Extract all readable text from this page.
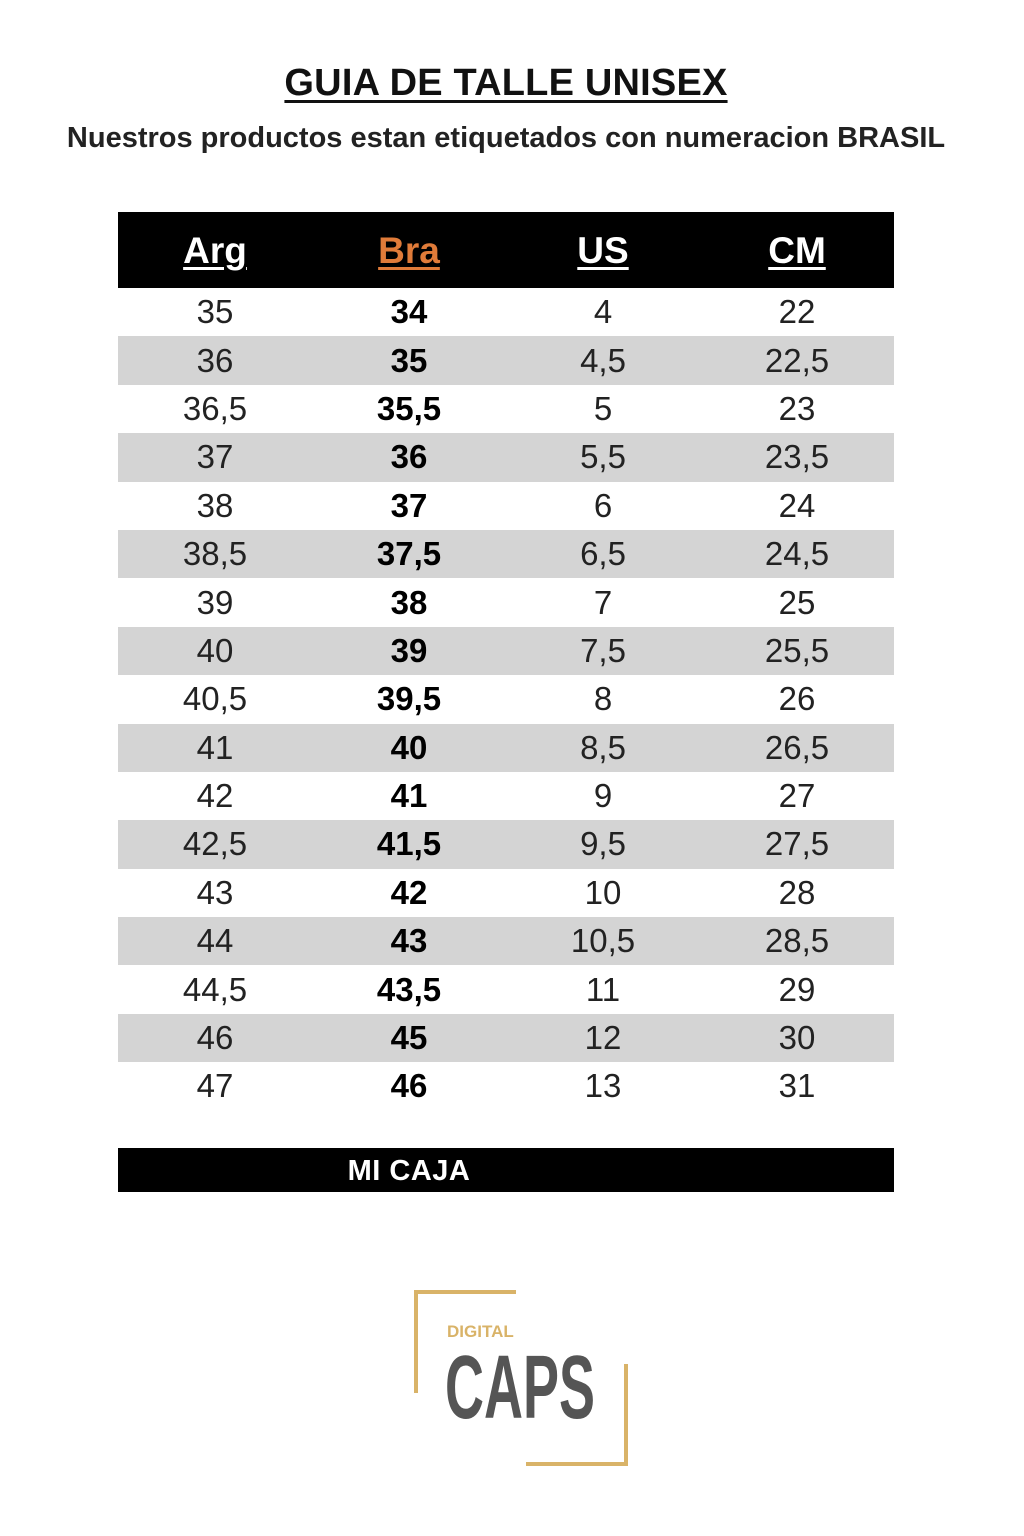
GUIA DE TALLE UNISEX
Nuestros productos estan etiquetados con numeracion BRASIL
Arg	Bra	US	CM
35	34	4	22
36	35	4,5	22,5
36,5	35,5	5	23
37	36	5,5	23,5
38	37	6	24
38,5	37,5	6,5	24,5
39	38	7	25
40	39	7,5	25,5
40,5	39,5	8	26
41	40	8,5	26,5
42	41	9	27
42,5	41,5	9,5	27,5
43	42	10	28
44	43	10,5	28,5
44,5	43,5	11	29
46	45	12	30
47	46	13	31
MI CAJA
DIGITAL
CAPS
